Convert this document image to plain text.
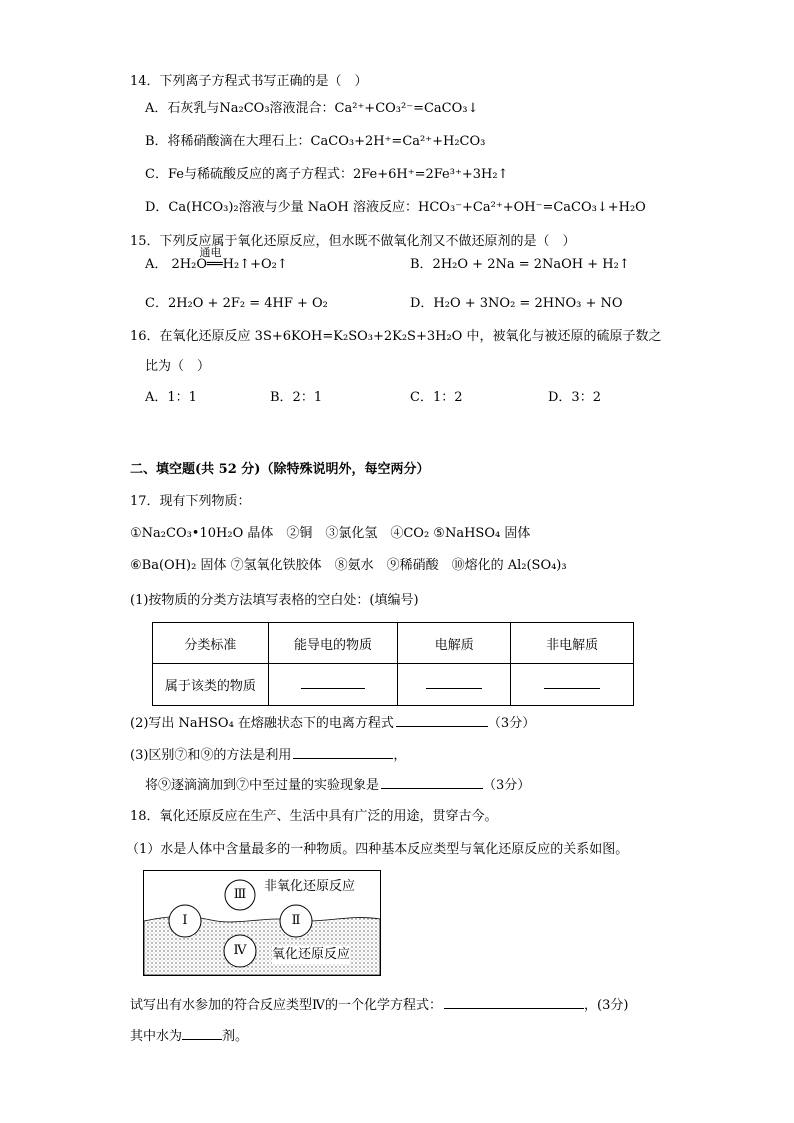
14．下列离子方程式书写正确的是（　）
A．石灰乳与Na₂CO₃溶液混合：Ca²⁺+CO₃²⁻=CaCO₃↓
B．将稀硝酸滴在大理石上：CaCO₃+2H⁺=Ca²⁺+H₂CO₃
C．Fe与稀硫酸反应的离子方程式：2Fe+6H⁺=2Fe³⁺+3H₂↑
D．Ca(HCO₃)₂溶液与少量 NaOH 溶液反应：HCO₃⁻+Ca²⁺+OH⁻=CaCO₃↓+H₂O
15．下列反应属于氧化还原反应，但水既不做氧化剂又不做还原剂的是（　）
A．
通电
2H₂O══H₂↑+O₂↑	B．2H₂O + 2Na = 2NaOH + H₂↑
C．2H₂O + 2F₂ = 4HF + O₂	D．H₂O + 3NO₂ = 2HNO₃ + NO
16．在氧化还原反应 3S+6KOH=K₂SO₃+2K₂S+3H₂O 中，被氧化与被还原的硫原子数之
比为（　）
A．1：1	B．2：1	C．1：2	D．3：2
二、填空题(共 52 分)（除特殊说明外，每空两分）
17．现有下列物质：
①Na₂CO₃•10H₂O 晶体　②铜　③氯化氢　④CO₂ ⑤NaHSO₄ 固体
⑥Ba(OH)₂ 固体 ⑦氢氧化铁胶体　⑧氨水　⑨稀硝酸　⑩熔化的 Al₂(SO₄)₃
(1)按物质的分类方法填写表格的空白处：(填编号)
分类标准	能导电的物质	电解质	非电解质
属于该类的物质			
(2)写出 NaHSO₄ 在熔融状态下的电离方程式	（3分）
(3)区别⑦和⑨的方法是利用	，
将⑨逐滴滴加到⑦中至过量的实验现象是	（3分）
18．氧化还原反应在生产、生活中具有广泛的用途，贯穿古今。
（1）水是人体中含量最多的一种物质。四种基本反应类型与氧化还原反应的关系如图。
非氧化还原反应
氧化还原反应
Ⅲ
Ⅰ	Ⅱ
Ⅳ
试写出有水参加的符合反应类型Ⅳ的一个化学方程式：	，(3分)
其中水为	剂。
